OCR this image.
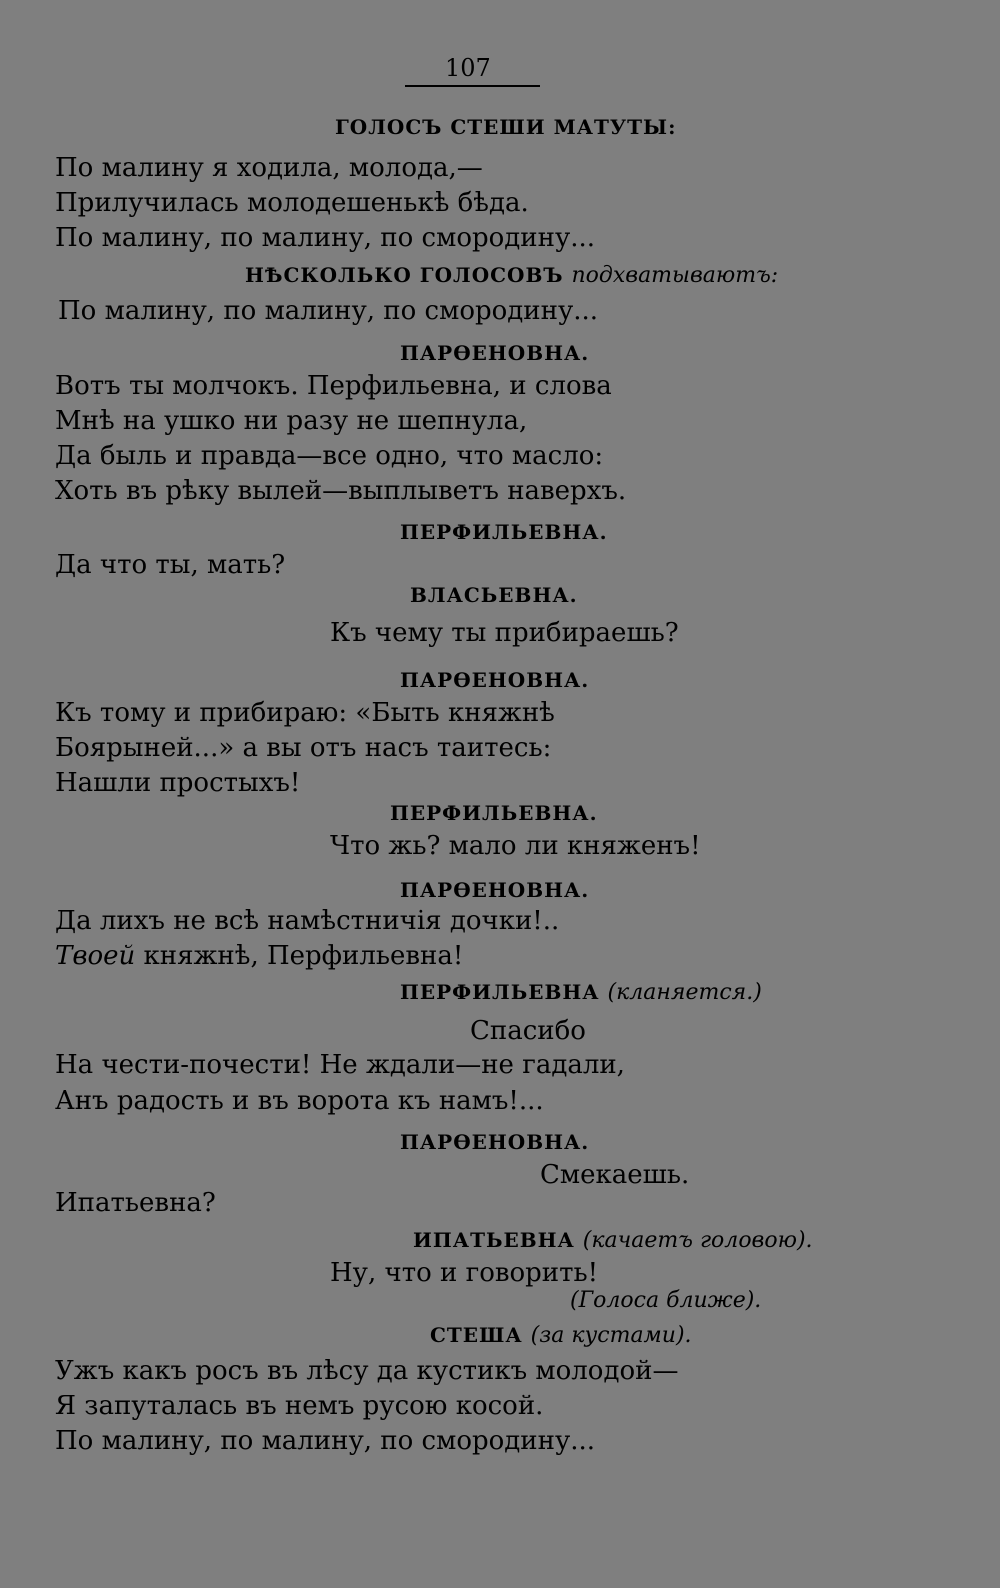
107
ГОЛОСЪ СТЕШИ МАТУТЫ:
По малину я ходила, молода,—
Прилучилась молодешенькѣ бѣда.
По малину, по малину, по смородину...
НѢСКОЛЬКО ГОЛОСОВЪ подхватываютъ:
По малину, по малину, по смородину...
ПАРѲЕНОВНА.
Вотъ ты молчокъ. Перфильевна, и слова
Мнѣ на ушко ни разу не шепнула,
Да быль и правда—все одно, что масло:
Хоть въ рѣку вылей—выплыветъ наверхъ.
ПЕРФИЛЬЕВНА.
Да что ты, мать?
ВЛАСЬЕВНА.
Къ чему ты прибираешь?
ПАРѲЕНОВНА.
Къ тому и прибираю: «Быть княжнѣ
Боярыней...» а вы отъ насъ таитесь:
Нашли простыхъ!
ПЕРФИЛЬЕВНА.
Что жь? мало ли княженъ!
ПАРѲЕНОВНА.
Да лихъ не всѣ намѣстничія дочки!..
Твоей княжнѣ, Перфильевна!
ПЕРФИЛЬЕВНА (кланяется.)
Спасибо
На чести-почести! Не ждали—не гадали,
Анъ радость и въ ворота къ намъ!...
ПАРѲЕНОВНА.
Смекаешь.
Ипатьевна?
ИПАТЬЕВНА (качаетъ головою).
Ну, что и говорить!
(Голоса ближе).
СТЕША (за кустами).
Ужъ какъ росъ въ лѣсу да кустикъ молодой—
Я запуталась въ немъ русою косой.
По малину, по малину, по смородину...
